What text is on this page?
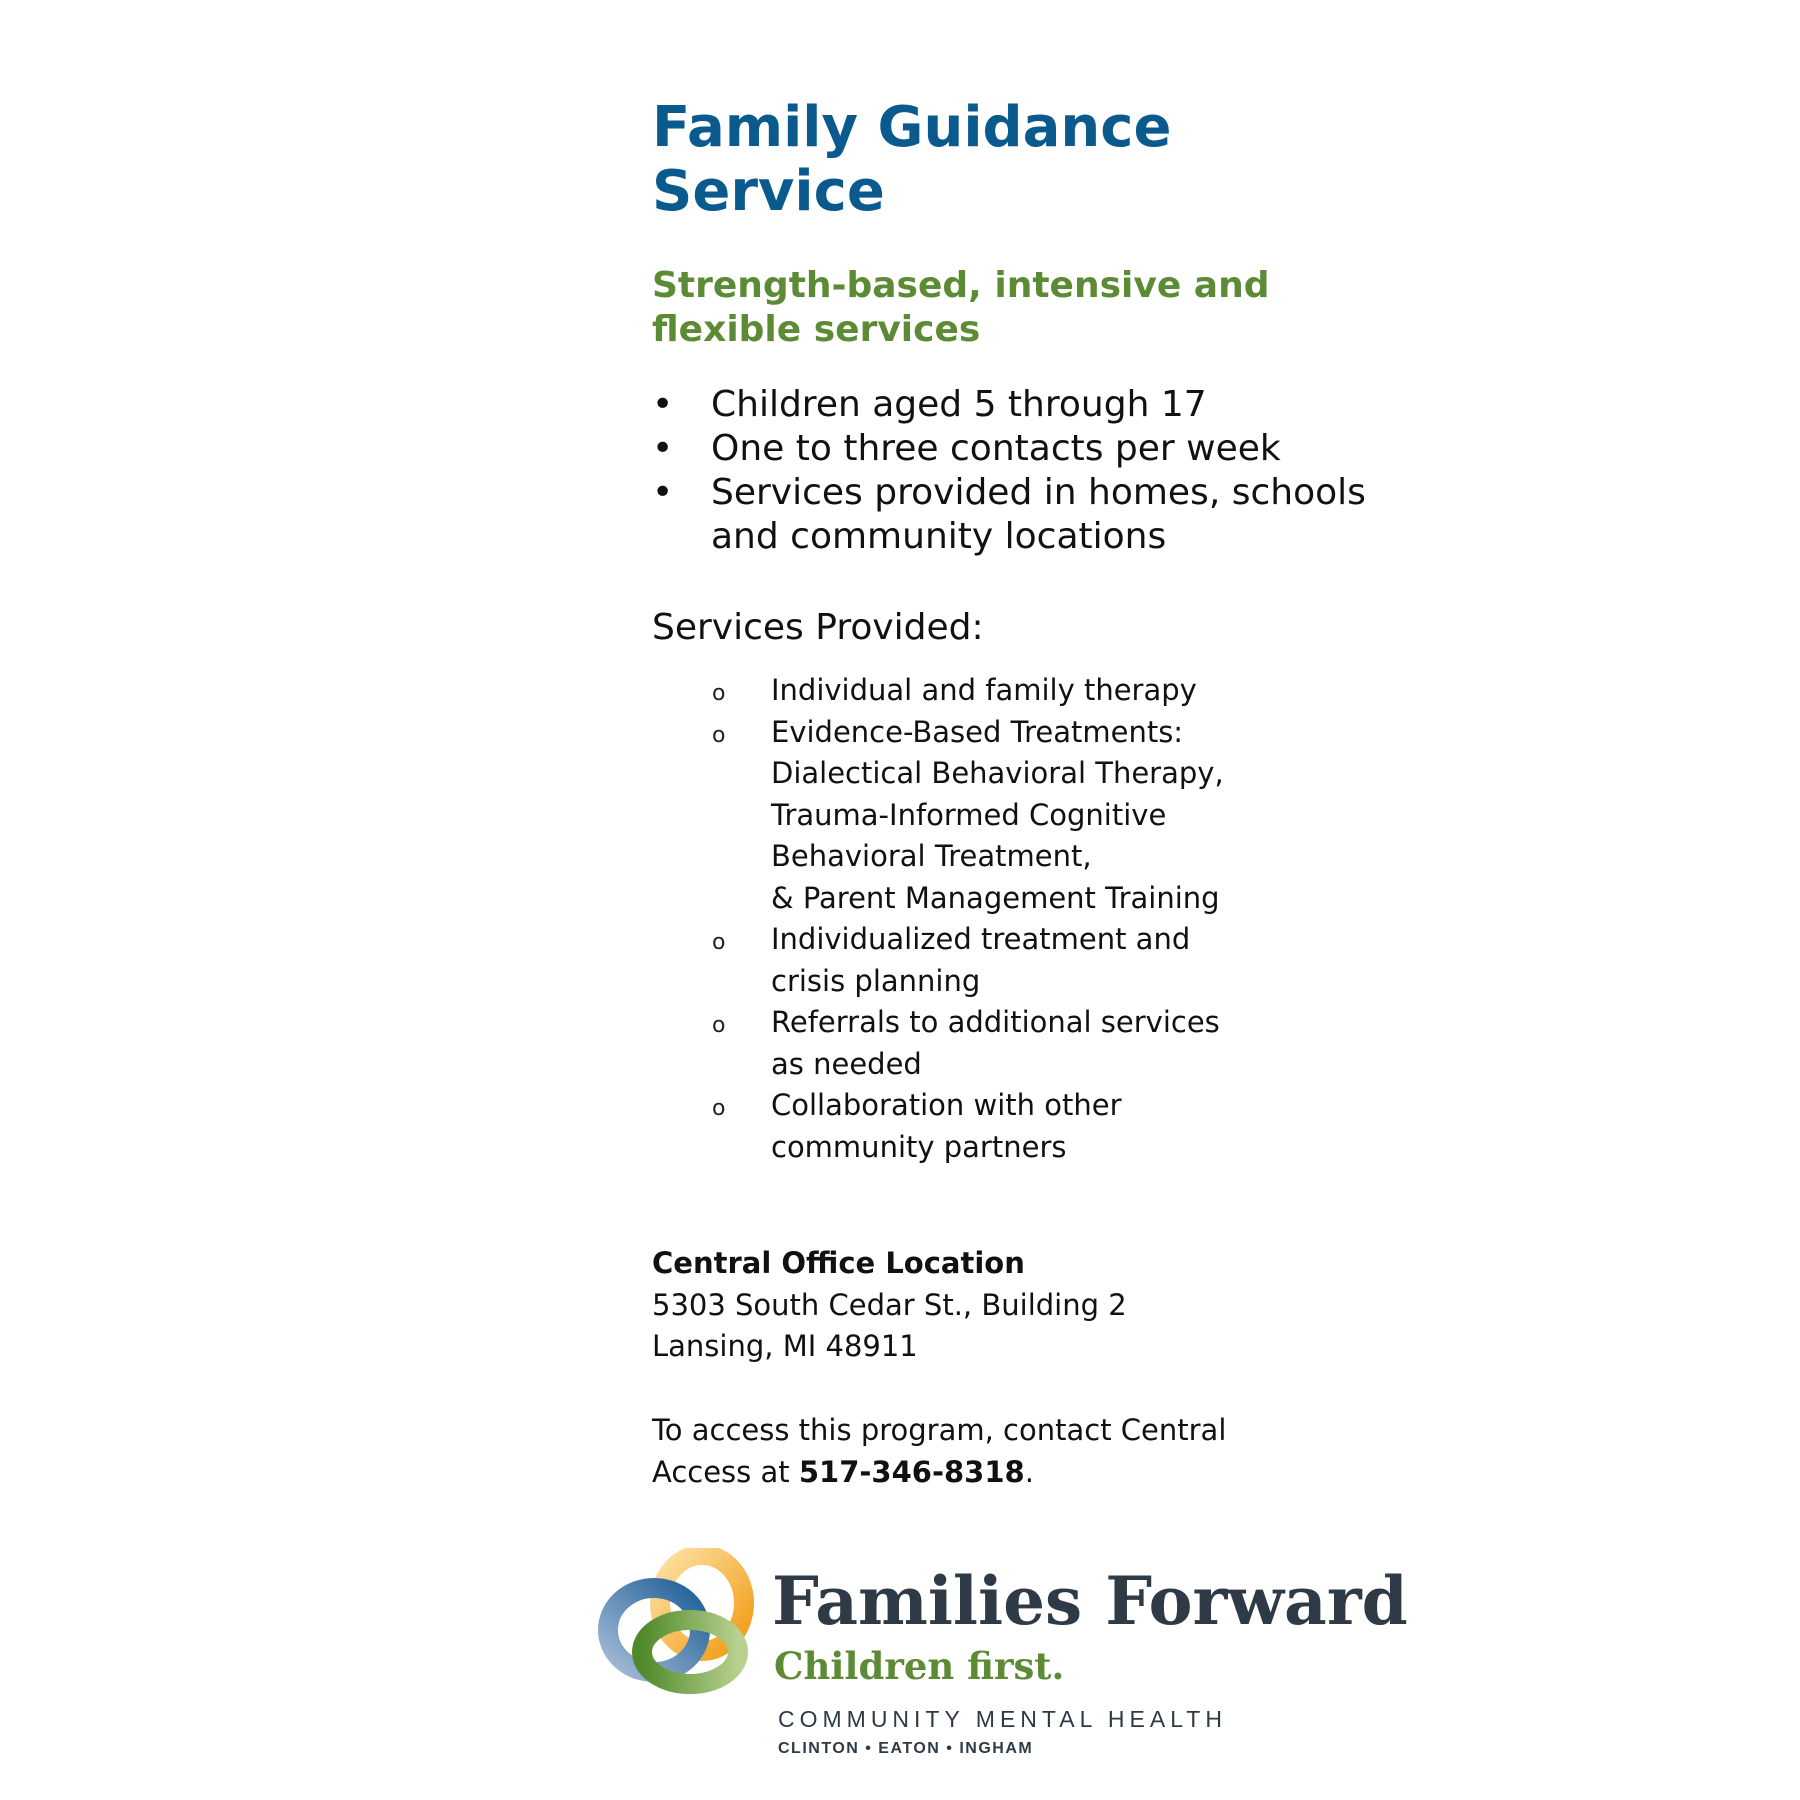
Family Guidance Service
Strength-based, intensive and flexible services
• Children aged 5 through 17
• One to three contacts per week
• Services provided in homes, schools and community locations
Services Provided:
o Individual and family therapy
o Evidence-Based Treatments:
Dialectical Behavioral Therapy,
Trauma-Informed Cognitive
Behavioral Treatment,
& Parent Management Training
o Individualized treatment and
crisis planning
o Referrals to additional services
as needed
o Collaboration with other
community partners
Central Office Location
5303 South Cedar St., Building 2
Lansing, MI 48911
To access this program, contact Central
Access at 517-346-8318.
Families Forward
Children first.
COMMUNITY MENTAL HEALTH
CLINTON • EATON • INGHAM
